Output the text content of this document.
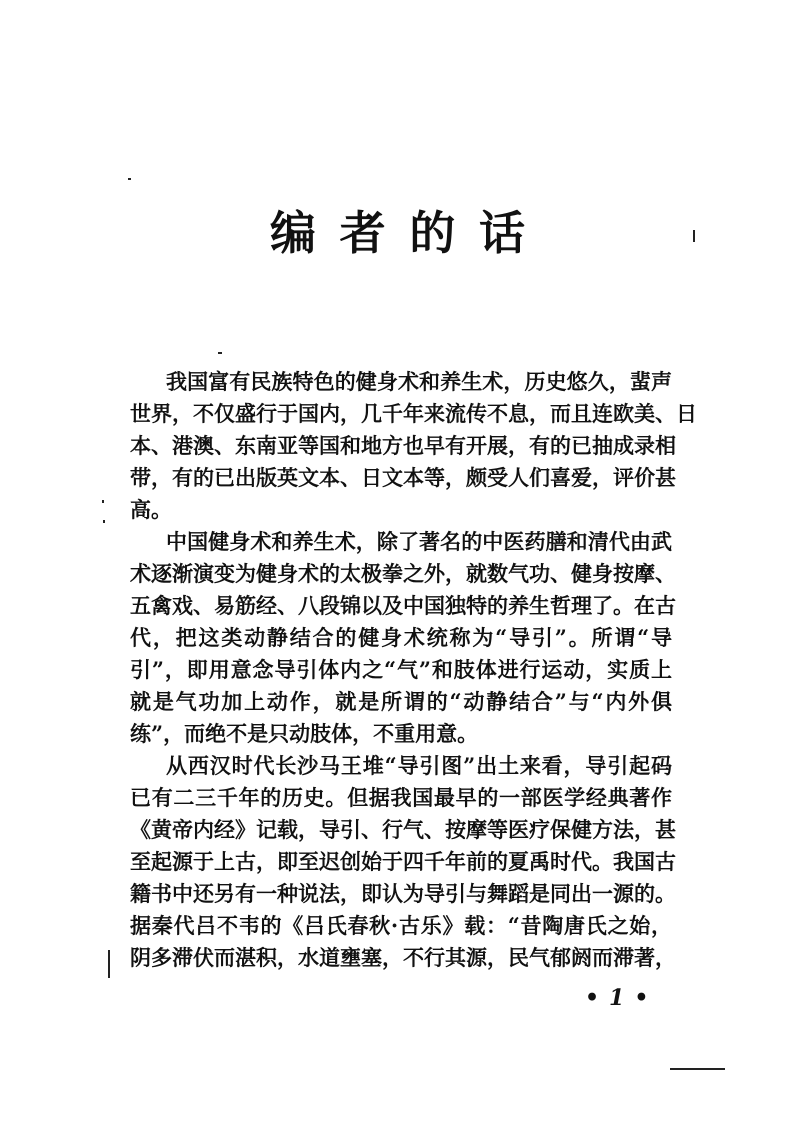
编者的话
我国富有民族特色的健身术和养生术，历史悠久，蜚声
世界，不仅盛行于国内，几千年来流传不息，而且连欧美、日
本、港澳、东南亚等国和地方也早有开展，有的已抽成录相
带，有的已出版英文本、日文本等，颇受人们喜爱，评价甚
高。
中国健身术和养生术，除了著名的中医药膳和清代由武
术逐渐演变为健身术的太极拳之外，就数气功、健身按摩、
五禽戏、易筋经、八段锦以及中国独特的养生哲理了。在古
代，把这类动静结合的健身术统称为“导引”。所谓“导
引”，即用意念导引体内之“气”和肢体进行运动，实质上
就是气功加上动作，就是所谓的“动静结合”与“内外俱
练”，而绝不是只动肢体，不重用意。
从西汉时代长沙马王堆“导引图”出土来看，导引起码
已有二三千年的历史。但据我国最早的一部医学经典著作
《黄帝内经》记载，导引、行气、按摩等医疗保健方法，甚
至起源于上古，即至迟创始于四千年前的夏禹时代。我国古
籍书中还另有一种说法，即认为导引与舞蹈是同出一源的。
据秦代吕不韦的《吕氏春秋·古乐》载：“昔陶唐氏之始，
阴多滞伏而湛积，水道壅塞，不行其源，民气郁阏而滞著，
•1•
